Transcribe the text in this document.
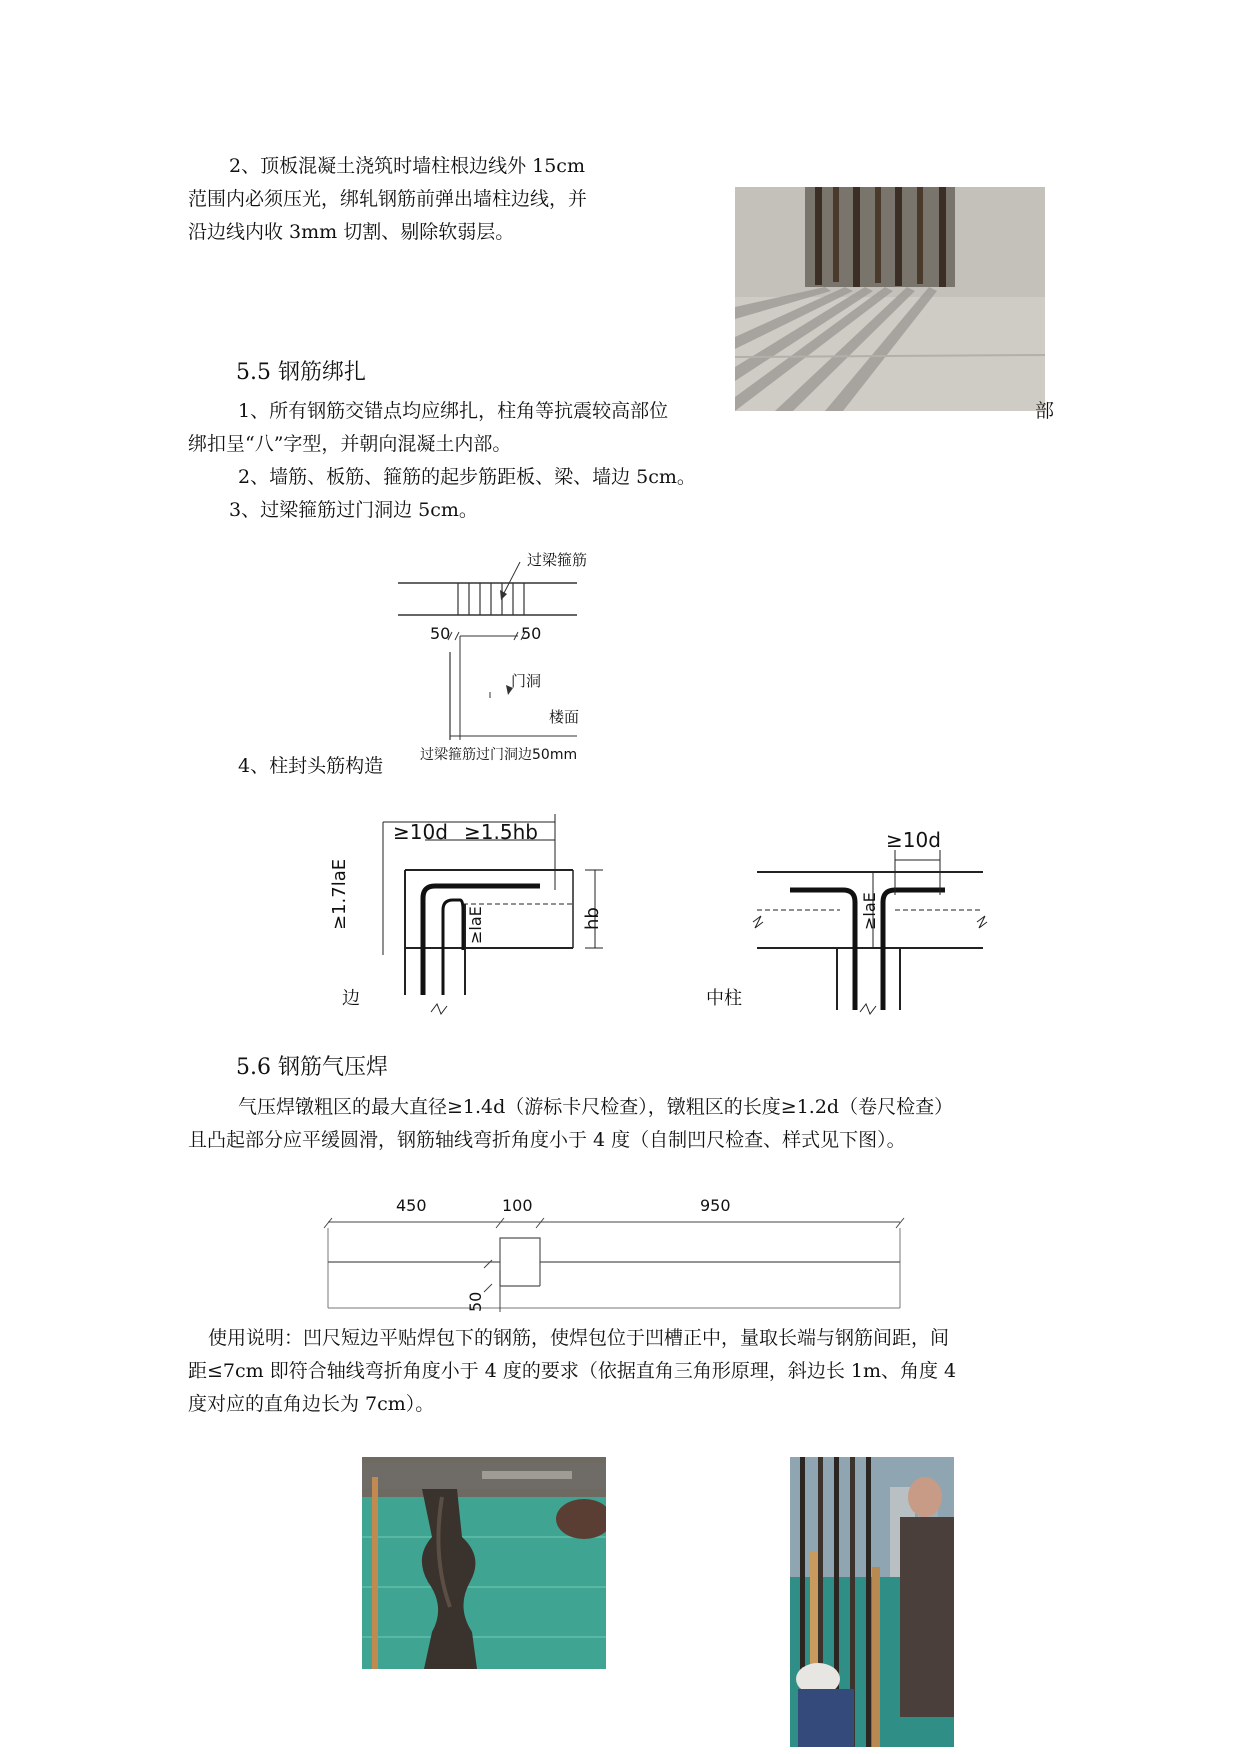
2、顶板混凝土浇筑时墙柱根边线外 15cm
范围内必须压光，绑轧钢筋前弹出墙柱边线，并
沿边线内收 3mm 切割、剔除软弱层。
5.5 钢筋绑扎
1、所有钢筋交错点均应绑扎，柱角等抗震较高部位	部
绑扣呈“八”字型，并朝向混凝土内部。
2、墙筋、板筋、箍筋的起步筋距板、梁、墙边 5cm。
3、过梁箍筋过门洞边 5cm。
过梁箍筋
50	50
门洞
楼面
过梁箍筋过门洞边50mm
4、柱封头筋构造
≥10d ≥1.5hb
≥1.7laE	≥laE	hb
边
≥10d
≥laE
中柱
5.6 钢筋气压焊
气压焊镦粗区的最大直径≥1.4d（游标卡尺检查），镦粗区的长度≥1.2d（卷尺检查）
且凸起部分应平缓圆滑，钢筋轴线弯折角度小于 4 度（自制凹尺检查、样式见下图）。
450	100	950
50
使用说明：凹尺短边平贴焊包下的钢筋，使焊包位于凹槽正中，量取长端与钢筋间距，间
距≤7cm 即符合轴线弯折角度小于 4 度的要求（依据直角三角形原理，斜边长 1m、角度 4
度对应的直角边长为 7cm）。
